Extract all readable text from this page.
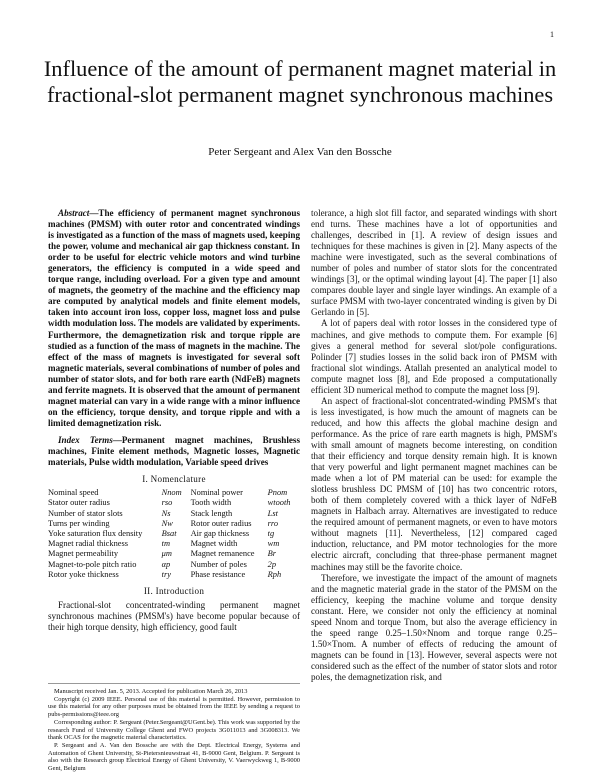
1
Influence of the amount of permanent magnet material in fractional-slot permanent magnet synchronous machines
Peter Sergeant and Alex Van den Bossche

Abstract—The efficiency of permanent magnet synchronous machines (PMSM) with outer rotor and concentrated windings is investigated as a function of the mass of magnets used, keeping the power, volume and mechanical air gap thickness constant. In order to be useful for electric vehicle motors and wind turbine generators, the efficiency is computed in a wide speed and torque range, including overload. For a given type and amount of magnets, the geometry of the machine and the efficiency map are computed by analytical models and finite element models, taken into account iron loss, copper loss, magnet loss and pulse width modulation loss. The models are validated by experiments. Furthermore, the demagnetization risk and torque ripple are studied as a function of the mass of magnets in the machine. The effect of the mass of magnets is investigated for several soft magnetic materials, several combinations of number of poles and number of stator slots, and for both rare earth (NdFeB) magnets and ferrite magnets. It is observed that the amount of permanent magnet material can vary in a wide range with a minor influence on the efficiency, torque density, and torque ripple and with a limited demagnetization risk.

Index Terms—Permanent magnet machines, Brushless machines, Finite element methods, Magnetic losses, Magnetic materials, Pulse width modulation, Variable speed drives

I. Nomenclature
Nominal speed	Nnom	Nominal power	Pnom
Stator outer radius	rso	Tooth width	wtooth
Number of stator slots	Ns	Stack length	Lst
Turns per winding	Nw	Rotor outer radius	rro
Yoke saturation flux density	Bsat	Air gap thickness	tg
Magnet radial thickness	tm	Magnet width	wm
Magnet permeability	μm	Magnet remanence	Br
Magnet-to-pole pitch ratio	αp	Number of poles	2p
Rotor yoke thickness	try	Phase resistance	Rph
II. Introduction

Fractional-slot concentrated-winding permanent magnet synchronous machines (PMSM's) have become popular because of their high torque density, high efficiency, good fault

Manuscript received Jan. 5, 2013. Accepted for publication March 26, 2013

Copyright (c) 2009 IEEE. Personal use of this material is permitted. However, permission to use this material for any other purposes must be obtained from the IEEE by sending a request to pubs-permissions@ieee.org

Corresponding author: P. Sergeant (Peter.Sergeant@UGent.be). This work was supported by the research Fund of University College Ghent and FWO projects 3G011013 and 3G008313. We thank OCAS for the magnetic material characteristics.

P. Sergeant and A. Van den Bossche are with the Dept. Electrical Energy, Systems and Automation of Ghent University, St-Pietersnieuwstraat 41, B-9000 Gent, Belgium. P. Sergeant is also with the Research group Electrical Energy of Ghent University, V. Vaerwyckweg 1, B-9000 Gent, Belgium

tolerance, a high slot fill factor, and separated windings with short end turns. These machines have a lot of opportunities and challenges, described in [1]. A review of design issues and techniques for these machines is given in [2]. Many aspects of the machine were investigated, such as the several combinations of number of poles and number of stator slots for the concentrated windings [3], or the optimal winding layout [4]. The paper [1] also compares double layer and single layer windings. An example of a surface PMSM with two-layer concentrated winding is given by Di Gerlando in [5].

A lot of papers deal with rotor losses in the considered type of machines, and give methods to compute them. For example [6] gives a general method for several slot/pole configurations. Polinder [7] studies losses in the solid back iron of PMSM with fractional slot windings. Atallah presented an analytical model to compute magnet loss [8], and Ede proposed a computationally efficient 3D numerical method to compute the magnet loss [9].

An aspect of fractional-slot concentrated-winding PMSM's that is less investigated, is how much the amount of magnets can be reduced, and how this affects the global machine design and performance. As the price of rare earth magnets is high, PMSM's with small amount of magnets become interesting, on condition that their efficiency and torque density remain high. It is known that very powerful and light permanent magnet machines can be made when a lot of PM material can be used: for example the slotless brushless DC PMSM of [10] has two concentric rotors, both of them completely covered with a thick layer of NdFeB magnets in Halbach array. Alternatives are investigated to reduce the required amount of permanent magnets, or even to have motors without magnets [11]. Nevertheless, [12] compared caged induction, reluctance, and PM motor technologies for the more electric aircraft, concluding that three-phase permanent magnet machines may still be the favorite choice.

Therefore, we investigate the impact of the amount of magnets and the magnetic material grade in the stator of the PMSM on the efficiency, keeping the machine volume and torque density constant. Here, we consider not only the efficiency at nominal speed Nnom and torque Tnom, but also the average efficiency in the speed range 0.25–1.50×Nnom and torque range 0.25–1.50×Tnom. A number of effects of reducing the amount of magnets can be found in [13]. However, several aspects were not considered such as the effect of the number of stator slots and rotor poles, the demagnetization risk, and
